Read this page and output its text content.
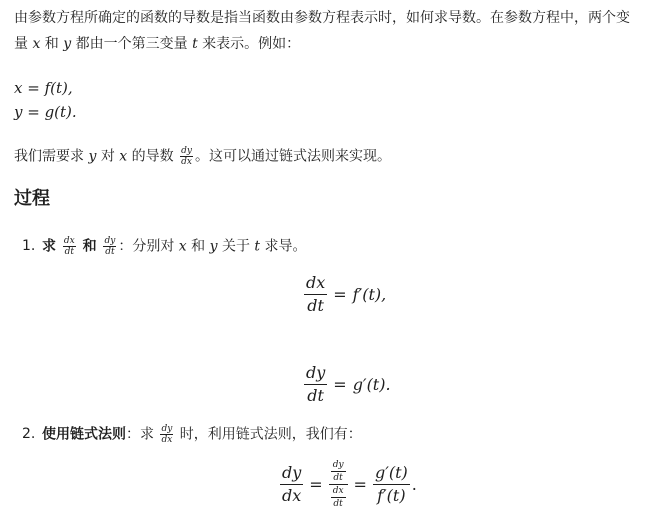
由参数方程所确定的函数的导数是指当函数由参数方程表示时，如何求导数。在参数方程中，两个变
量 x 和 y 都由一个第三变量 t 来表示。例如：
x = f(t),
y = g(t).
我们需要求 y 对 x 的导数 $\frac{dy}{dx}$ 。这可以通过链式法则来实现。
过程
1. 求 $\frac{dx}{dt}$ 和 $\frac{dy}{dt}$ ：分别对 x 和 y 关于 t 求导。
$\frac{dx}{dt} = f'(t)$,
$\frac{dy}{dt} = g'(t)$.
2. 使用链式法则：求 $\frac{dy}{dx}$ 时，利用链式法则，我们有：
$\frac{dy}{dx} = \frac{\frac{dy}{dt}}{\frac{dx}{dt}} = \frac{g'(t)}{f'(t)}$ .
